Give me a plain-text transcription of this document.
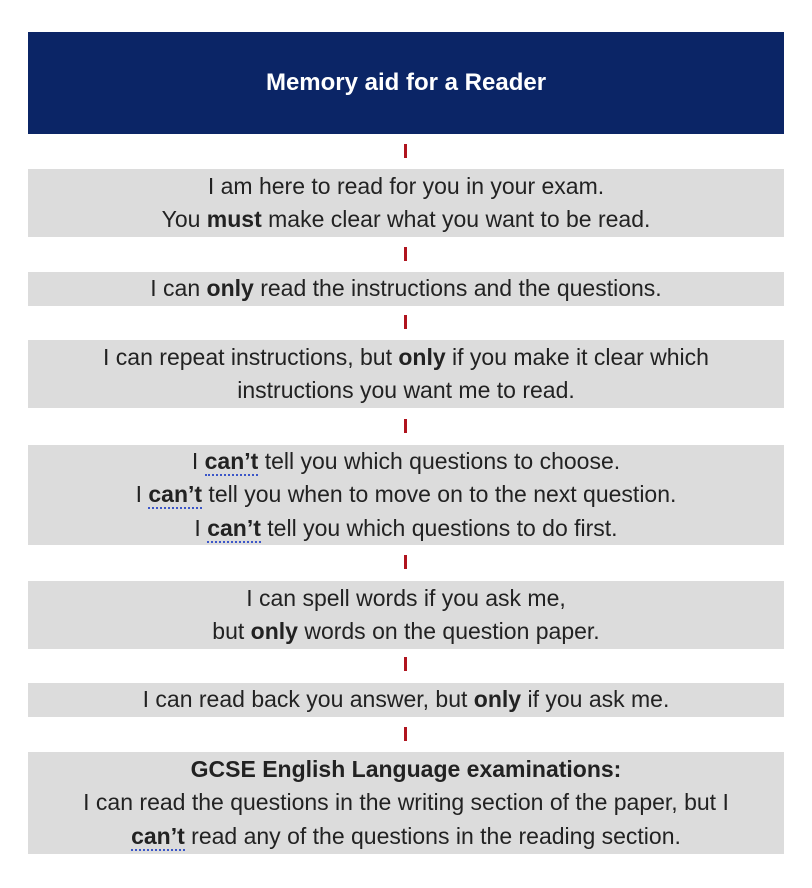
Memory aid for a Reader
I am here to read for you in your exam.
You must make clear what you want to be read.
I can only read the instructions and the questions.
I can repeat instructions, but only if you make it clear which
instructions you want me to read.
I can’t tell you which questions to choose.
I can’t tell you when to move on to the next question.
I can’t tell you which questions to do first.
I can spell words if you ask me,
but only words on the question paper.
I can read back you answer, but only if you ask me.
GCSE English Language examinations:
I can read the questions in the writing section of the paper, but I
can’t read any of the questions in the reading section.
